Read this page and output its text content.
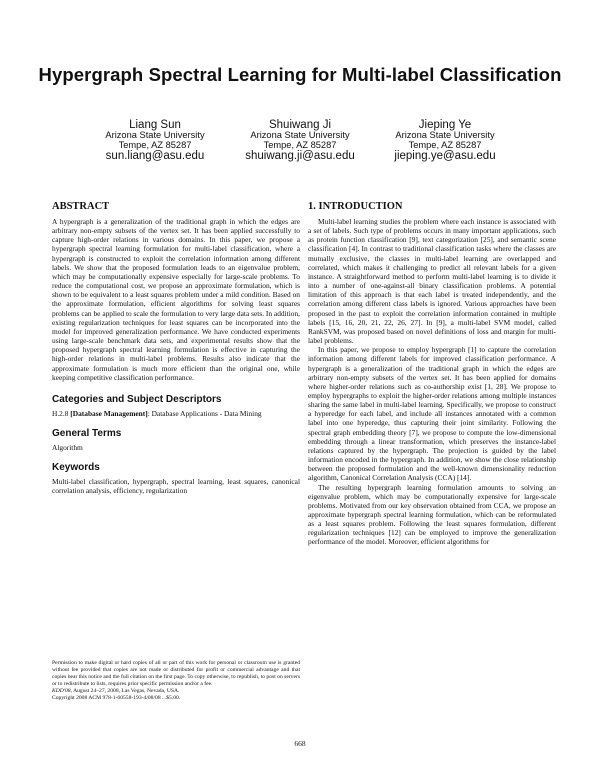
Hypergraph Spectral Learning for Multi-label Classification
Liang Sun
Arizona State University
Tempe, AZ 85287
sun.liang@asu.edu
Shuiwang Ji
Arizona State University
Tempe, AZ 85287
shuiwang.ji@asu.edu
Jieping Ye
Arizona State University
Tempe, AZ 85287
jieping.ye@asu.edu
ABSTRACT

A hypergraph is a generalization of the traditional graph in which the edges are arbitrary non-empty subsets of the vertex set. It has been applied successfully to capture high-order relations in various domains. In this paper, we propose a hypergraph spectral learning formulation for multi-label classification, where a hypergraph is constructed to exploit the correlation information among different labels. We show that the proposed formulation leads to an eigenvalue problem, which may be computationally expensive especially for large-scale problems. To reduce the computational cost, we propose an approximate formulation, which is shown to be equivalent to a least squares problem under a mild condition. Based on the approximate formulation, efficient algorithms for solving least squares problems can be applied to scale the formulation to very large data sets. In addition, existing regularization techniques for least squares can be incorporated into the model for improved generalization performance. We have conducted experiments using large-scale benchmark data sets, and experimental results show that the proposed hypergraph spectral learning formulation is effective in capturing the high-order relations in multi-label problems. Results also indicate that the approximate formulation is much more efficient than the original one, while keeping competitive classification performance.

Categories and Subject Descriptors

H.2.8 [Database Management]: Database Applications - Data Mining

General Terms

Algorithm

Keywords

Multi-label classification, hypergraph, spectral learning, least squares, canonical correlation analysis, efficiency, regularization

Permission to make digital or hard copies of all or part of this work for personal or classroom use is granted without fee provided that copies are not made or distributed for profit or commercial advantage and that copies bear this notice and the full citation on the first page. To copy otherwise, to republish, to post on servers or to redistribute to lists, requires prior specific permission and/or a fee.
KDD'08, August 24–27, 2008, Las Vegas, Nevada, USA.
Copyright 2008 ACM 978-1-60558-193-4/08/08 ...$5.00.
1. INTRODUCTION

Multi-label learning studies the problem where each instance is associated with a set of labels. Such type of problems occurs in many important applications, such as protein function classification [9], text categorization [25], and semantic scene classification [4]. In contrast to traditional classification tasks where the classes are mutually exclusive, the classes in multi-label learning are overlapped and correlated, which makes it challenging to predict all relevant labels for a given instance. A straightforward method to perform multi-label learning is to divide it into a number of one-against-all binary classification problems. A potential limitation of this approach is that each label is treated independently, and the correlation among different class labels is ignored. Various approaches have been proposed in the past to exploit the correlation information contained in multiple labels [15, 16, 20, 21, 22, 26, 27]. In [9], a multi-label SVM model, called RankSVM, was proposed based on novel definitions of loss and margin for multi-label problems.

In this paper, we propose to employ hypergraph [1] to capture the correlation information among different labels for improved classification performance. A hypergraph is a generalization of the traditional graph in which the edges are arbitrary non-empty subsets of the vertex set. It has been applied for domains where higher-order relations such as co-authorship exist [1, 28]. We propose to employ hypergraphs to exploit the higher-order relations among multiple instances sharing the same label in multi-label learning. Specifically, we propose to construct a hyperedge for each label, and include all instances annotated with a common label into one hyperedge, thus capturing their joint similarity. Following the spectral graph embedding theory [7], we propose to compute the low-dimensional embedding through a linear transformation, which preserves the instance-label relations captured by the hypergraph. The projection is guided by the label information encoded in the hypergraph. In addition, we show the close relationship between the proposed formulation and the well-known dimensionality reduction algorithm, Canonical Correlation Analysis (CCA) [14].

The resulting hypergraph learning formulation amounts to solving an eigenvalue problem, which may be computationally expensive for large-scale problems. Motivated from our key observation obtained from CCA, we propose an approximate hypergraph spectral learning formulation, which can be reformulated as a least squares problem. Following the least squares formulation, different regularization techniques [12] can be employed to improve the generalization performance of the model. Moreover, efficient algorithms for

668
